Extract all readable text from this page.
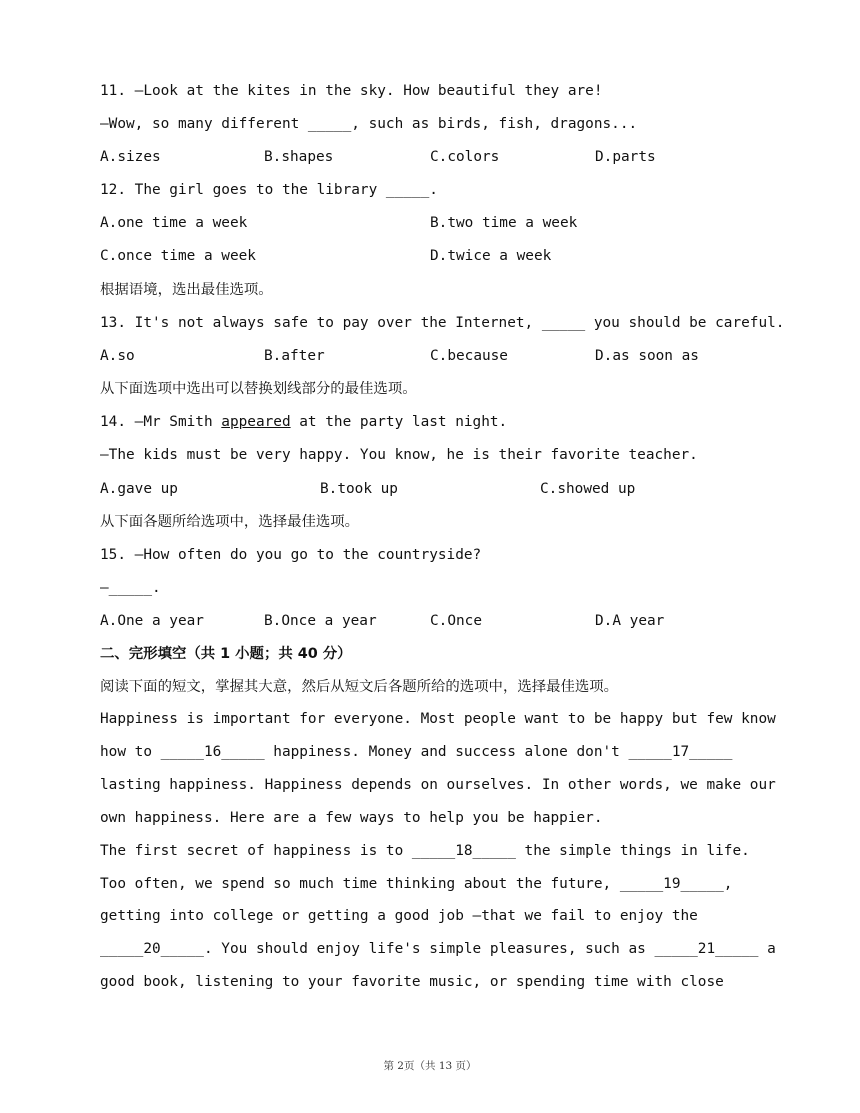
11. —Look at the kites in the sky. How beautiful they are!
—Wow, so many different _____, such as birds, fish, dragons...
A.sizes	B.shapes	C.colors	D.parts
12. The girl goes to the library _____.
A.one time a week	B.two time a week
C.once time a week	D.twice a week
根据语境，选出最佳选项。
13. It's not always safe to pay over the Internet, _____ you should be careful.
A.so	B.after	C.because	D.as soon as
从下面选项中选出可以替换划线部分的最佳选项。
14. —Mr Smith appeared at the party last night.
—The kids must be very happy. You know, he is their favorite teacher.
A.gave up	B.took up	C.showed up
从下面各题所给选项中，选择最佳选项。
15. —How often do you go to the countryside?
—_____.
A.One a year	B.Once a year	C.Once	D.A year
二、完形填空（共 1 小题；共 40 分）
阅读下面的短文，掌握其大意，然后从短文后各题所给的选项中，选择最佳选项。
Happiness is important for everyone. Most people want to be happy but few know
how to _____16_____ happiness. Money and success alone don't _____17_____
lasting happiness. Happiness depends on ourselves. In other words, we make our
own happiness. Here are a few ways to help you be happier.
The first secret of happiness is to _____18_____ the simple things in life.
Too often, we spend so much time thinking about the future, _____19_____,
getting into college or getting a good job —that we fail to enjoy the
_____20_____. You should enjoy life's simple pleasures, such as _____21_____ a
good book, listening to your favorite music, or spending time with close
第 2页（共 13 页）
